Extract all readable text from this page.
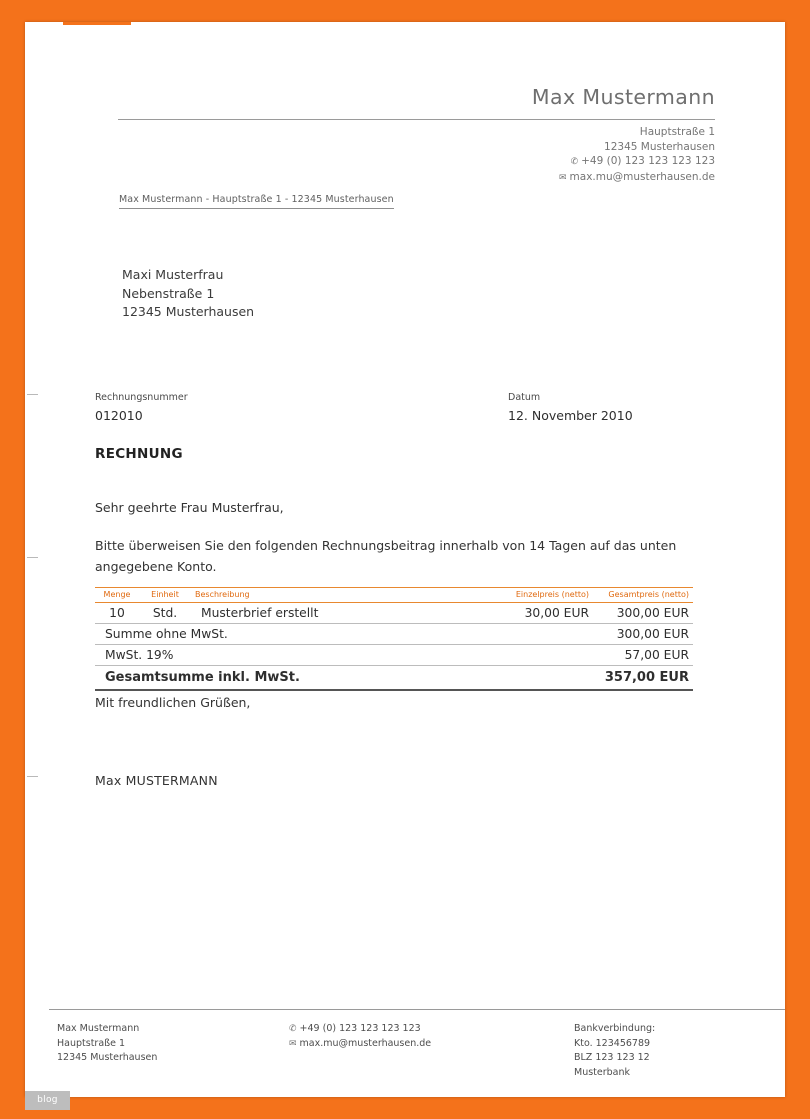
Max Mustermann
Hauptstraße 1
12345 Musterhausen
✆ +49 (0) 123 123 123 123
✉ max.mu@musterhausen.de
Max Mustermann - Hauptstraße 1 - 12345 Musterhausen
Maxi Musterfrau
Nebenstraße 1
12345 Musterhausen
Rechnungsnummer
012010
Datum
12. November 2010
RECHNUNG
Sehr geehrte Frau Musterfrau,
Bitte überweisen Sie den folgenden Rechnungsbeitrag innerhalb von 14 Tagen auf das unten angegebene Konto.
Menge	Einheit	Beschreibung	Einzelpreis (netto)	Gesamtpreis (netto)
10	Std.	Musterbrief erstellt	30,00 EUR	300,00 EUR
Summe ohne MwSt.				300,00 EUR
MwSt. 19%				57,00 EUR
Gesamtsumme inkl. MwSt.				357,00 EUR
Mit freundlichen Grüßen,
Max MUSTERMANN
Max Mustermann
Hauptstraße 1
12345 Musterhausen
✆ +49 (0) 123 123 123 123
✉ max.mu@musterhausen.de
Bankverbindung:
Kto. 123456789
BLZ 123 123 12
Musterbank
blog
